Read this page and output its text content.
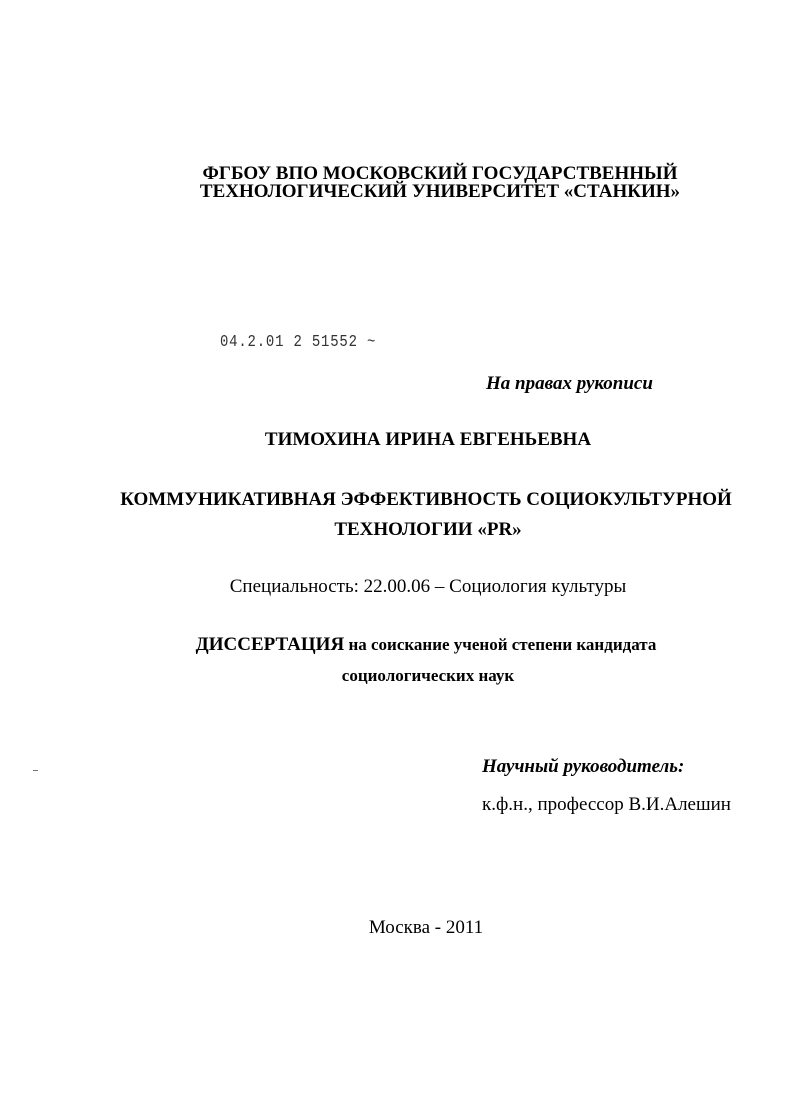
ФГБОУ ВПО МОСКОВСКИЙ ГОСУДАРСТВЕННЫЙ
ТЕХНОЛОГИЧЕСКИЙ УНИВЕРСИТЕТ «СТАНКИН»
04.2.01 2 51552 ~
На правах рукописи
ТИМОХИНА ИРИНА ЕВГЕНЬЕВНА
КОММУНИКАТИВНАЯ ЭФФЕКТИВНОСТЬ СОЦИОКУЛЬТУРНОЙ
ТЕХНОЛОГИИ «PR»
Специальность: 22.00.06 – Социология культуры
ДИССЕРТАЦИЯ на соискание ученой степени кандидата
социологических наук
Научный руководитель:
к.ф.н., профессор В.И.Алешин
Москва - 2011
